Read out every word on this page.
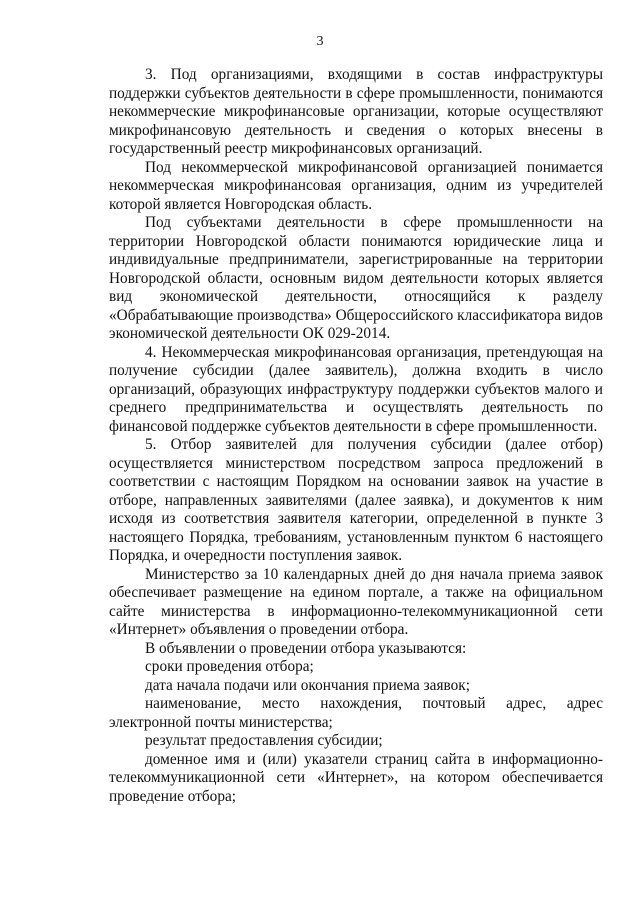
3

3. Под организациями, входящими в состав инфраструктуры поддержки субъектов деятельности в сфере промышленности, понимаются некоммерческие микрофинансовые организации, которые осуществляют микрофинансовую деятельность и сведения о которых внесены в государственный реестр микрофинансовых организаций.

Под некоммерческой микрофинансовой организацией понимается некоммерческая микрофинансовая организация, одним из учредителей которой является Новгородская область.

Под субъектами деятельности в сфере промышленности на территории Новгородской области понимаются юридические лица и индивидуальные предприниматели, зарегистрированные на территории Новгородской области, основным видом деятельности которых является вид экономической деятельности, относящийся к разделу «Обрабатывающие производства» Общероссийского классификатора видов экономической деятельности ОК 029-2014.

4. Некоммерческая микрофинансовая организация, претендующая на получение субсидии (далее заявитель), должна входить в число организаций, образующих инфраструктуру поддержки субъектов малого и среднего предпринимательства и осуществлять деятельность по финансовой поддержке субъектов деятельности в сфере промышленности.

5. Отбор заявителей для получения субсидии (далее отбор) осуществляется министерством посредством запроса предложений в соответствии с настоящим Порядком на основании заявок на участие в отборе, направленных заявителями (далее заявка), и документов к ним исходя из соответствия заявителя категории, определенной в пункте 3 настоящего Порядка, требованиям, установленным пунктом 6 настоящего Порядка, и очередности поступления заявок.

Министерство за 10 календарных дней до дня начала приема заявок обеспечивает размещение на едином портале, а также на официальном сайте министерства в информационно-телекоммуникационной сети «Интернет» объявления о проведении отбора.

В объявлении о проведении отбора указываются:

сроки проведения отбора;

дата начала подачи или окончания приема заявок;

наименование, место нахождения, почтовый адрес, адрес электронной почты министерства;

результат предоставления субсидии;

доменное имя и (или) указатели страниц сайта в информационно-телекоммуникационной сети «Интернет», на котором обеспечивается проведение отбора;
